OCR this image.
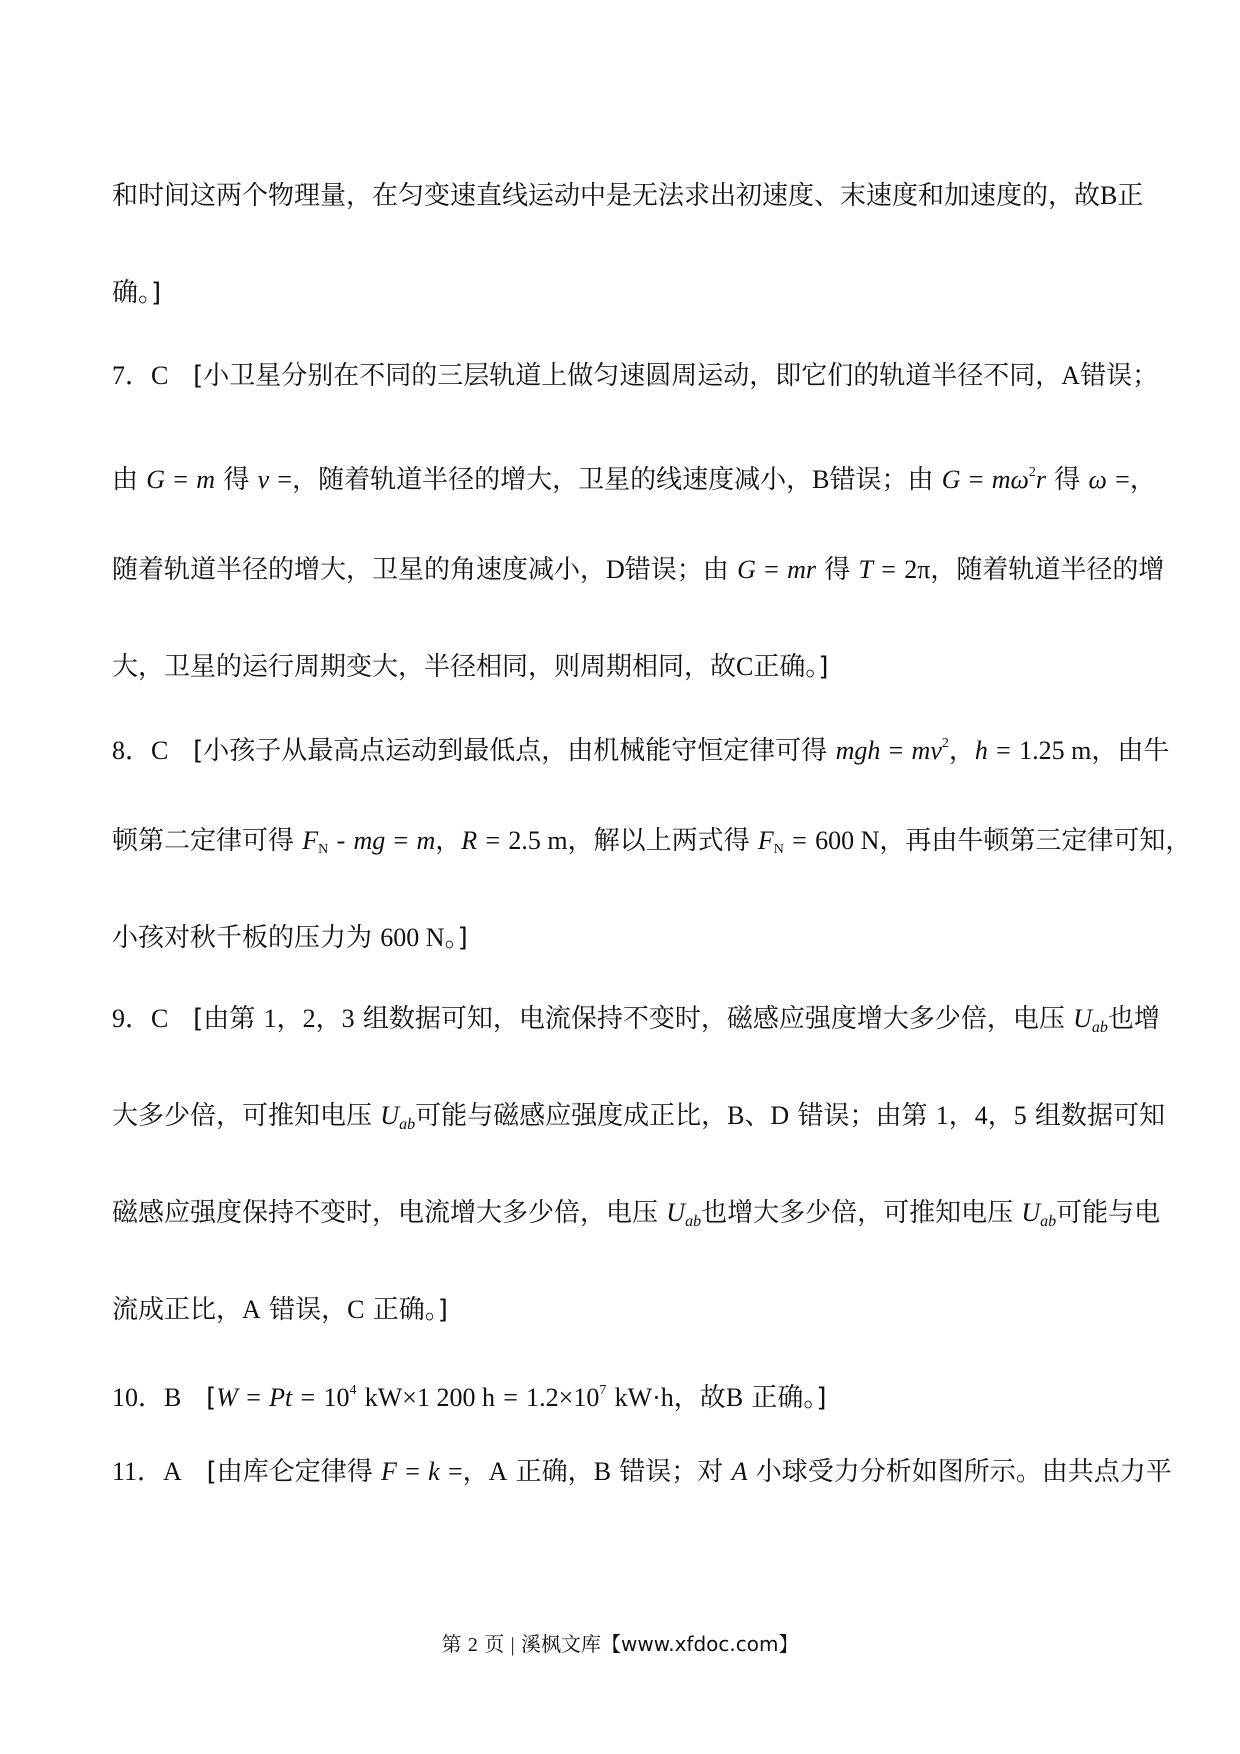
和时间这两个物理量，在匀变速直线运动中是无法求出初速度、末速度和加速度的，故B正
确。]
7．C [小卫星分别在不同的三层轨道上做匀速圆周运动，即它们的轨道半径不同，A错误；
由 G = m 得 v =，随着轨道半径的增大，卫星的线速度减小，B错误；由 $G = m\omega^2r$ 得 ω =，
随着轨道半径的增大，卫星的角速度减小，D错误；由 G = mr 得 T = 2π，随着轨道半径的增
大，卫星的运行周期变大，半径相同，则周期相同，故C正确。]
8．C [小孩子从最高点运动到最低点，由机械能守恒定律可得 mgh = $mv^2$，h = 1.25 m，由牛
顿第二定律可得 $F_N$ - mg = m，R = 2.5 m，解以上两式得 $F_N = 600$ N，再由牛顿第三定律可知，
小孩对秋千板的压力为 600 N。]
9．C [由第 1，2，3 组数据可知，电流保持不变时，磁感应强度增大多少倍，电压 Uab也增
大多少倍，可推知电压 Uab可能与磁感应强度成正比，B、D 错误；由第 1，4，5 组数据可知
磁感应强度保持不变时，电流增大多少倍，电压 Uab也增大多少倍，可推知电压 Uab可能与电
流成正比，A 错误，C 正确。]
10．B [$W = Pt = 10^4$ kW×1 200 $h = 1.2\times 10^7$ kW·h，故B 正确。]
11．A [由库仑定律得 F = k =，A 正确，B 错误；对 A 小球受力分析如图所示。由共点力平
第 2 页 | 溪枫文库【www.xfdoc.com】
